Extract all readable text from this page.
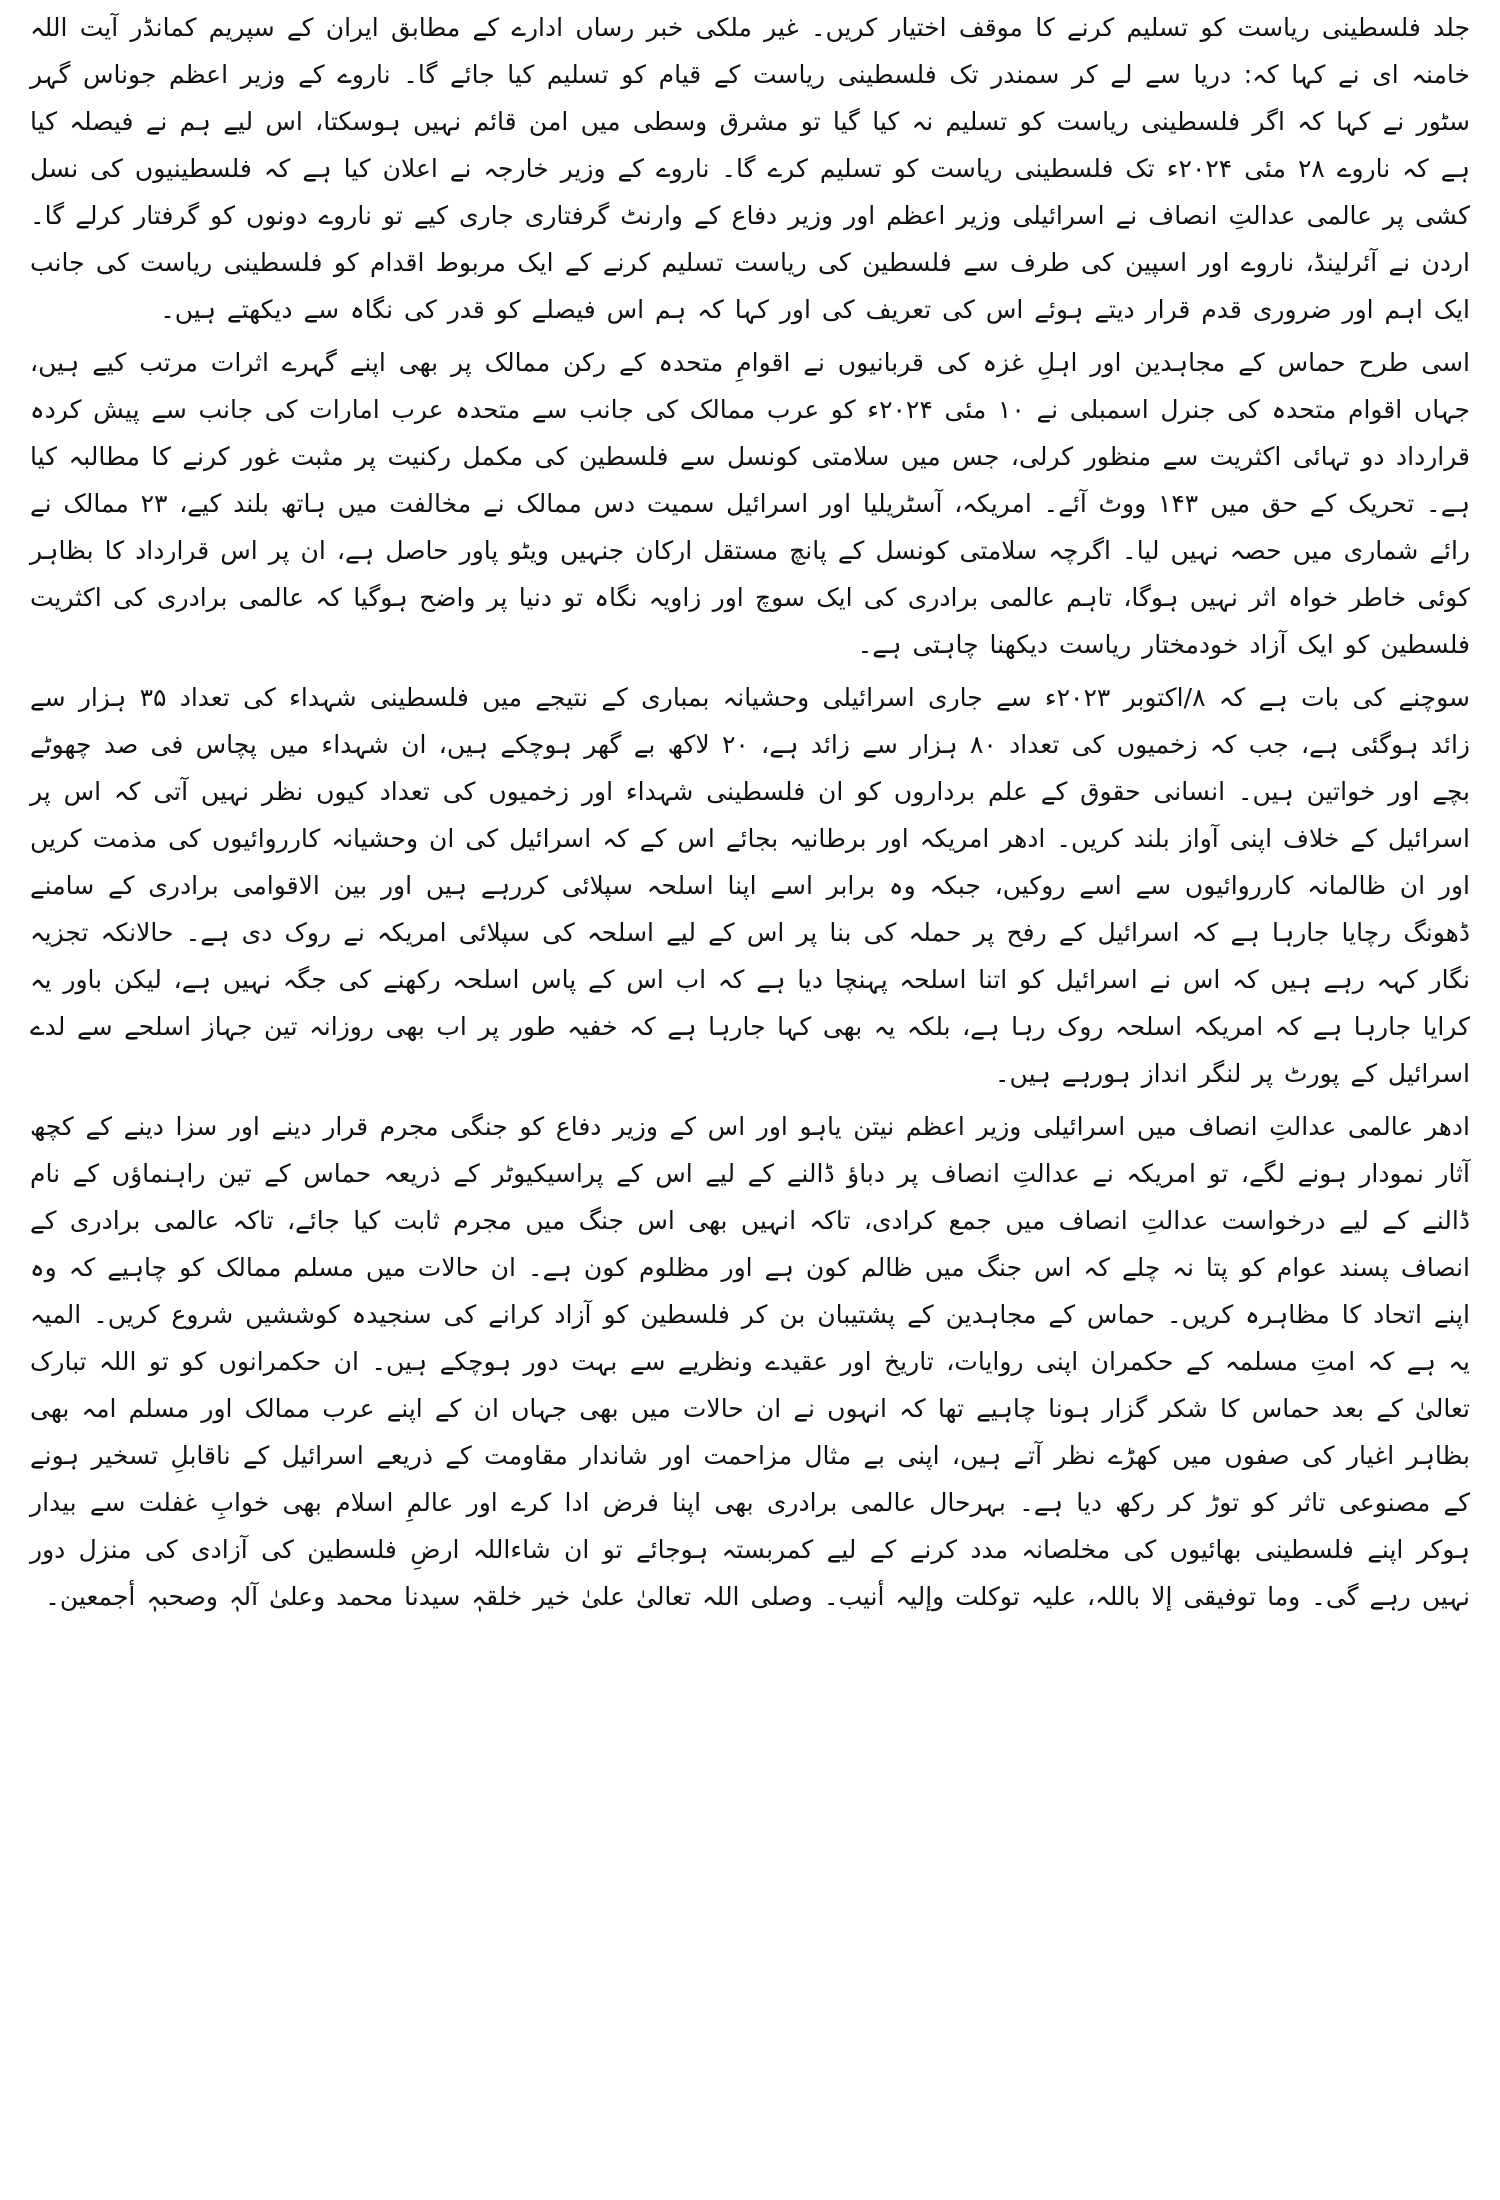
جلد فلسطینی ریاست کو تسلیم کرنے کا موقف اختیار کریں۔ غیر ملکی خبر رساں ادارے کے مطابق ایران کے سپریم کمانڈر آیت اللہ خامنہ ای نے کہا کہ: دریا سے لے کر سمندر تک فلسطینی ریاست کے قیام کو تسلیم کیا جائے گا۔ ناروے کے وزیر اعظم جوناس گہر سٹور نے کہا کہ اگر فلسطینی ریاست کو تسلیم نہ کیا گیا تو مشرق وسطی میں امن قائم نہیں ہوسکتا، اس لیے ہم نے فیصلہ کیا ہے کہ ناروے ۲۸ مئی ۲۰۲۴ء تک فلسطینی ریاست کو تسلیم کرے گا۔ ناروے کے وزیر خارجہ نے اعلان کیا ہے کہ فلسطینیوں کی نسل کشی پر عالمی عدالتِ انصاف نے اسرائیلی وزیر اعظم اور وزیر دفاع کے وارنٹ گرفتاری جاری کیے تو ناروے دونوں کو گرفتار کرلے گا۔ اردن نے آئرلینڈ، ناروے اور اسپین کی طرف سے فلسطین کی ریاست تسلیم کرنے کے ایک مربوط اقدام کو فلسطینی ریاست کی جانب ایک اہم اور ضروری قدم قرار دیتے ہوئے اس کی تعریف کی اور کہا کہ ہم اس فیصلے کو قدر کی نگاہ سے دیکھتے ہیں۔

اسی طرح حماس کے مجاہدین اور اہلِ غزہ کی قربانیوں نے اقوامِ متحدہ کے رکن ممالک پر بھی اپنے گہرے اثرات مرتب کیے ہیں، جہاں اقوام متحدہ کی جنرل اسمبلی نے ۱۰ مئی ۲۰۲۴ء کو عرب ممالک کی جانب سے متحدہ عرب امارات کی جانب سے پیش کردہ قرارداد دو تہائی اکثریت سے منظور کرلی، جس میں سلامتی کونسل سے فلسطین کی مکمل رکنیت پر مثبت غور کرنے کا مطالبہ کیا ہے۔ تحریک کے حق میں ۱۴۳ ووٹ آئے۔ امریکہ، آسٹریلیا اور اسرائیل سمیت دس ممالک نے مخالفت میں ہاتھ بلند کیے، ۲۳ ممالک نے رائے شماری میں حصہ نہیں لیا۔ اگرچہ سلامتی کونسل کے پانچ مستقل ارکان جنہیں ویٹو پاور حاصل ہے، ان پر اس قرارداد کا بظاہر کوئی خاطر خواہ اثر نہیں ہوگا، تاہم عالمی برادری کی ایک سوچ اور زاویہ نگاہ تو دنیا پر واضح ہوگیا کہ عالمی برادری کی اکثریت فلسطین کو ایک آزاد خودمختار ریاست دیکھنا چاہتی ہے۔

سوچنے کی بات ہے کہ ۸/اکتوبر ۲۰۲۳ء سے جاری اسرائیلی وحشیانہ بمباری کے نتیجے میں فلسطینی شہداء کی تعداد ۳۵ ہزار سے زائد ہوگئی ہے، جب کہ زخمیوں کی تعداد ۸۰ ہزار سے زائد ہے، ۲۰ لاکھ بے گھر ہوچکے ہیں، ان شہداء میں پچاس فی صد چھوٹے بچے اور خواتین ہیں۔ انسانی حقوق کے علم برداروں کو ان فلسطینی شہداء اور زخمیوں کی تعداد کیوں نظر نہیں آتی کہ اس پر اسرائیل کے خلاف اپنی آواز بلند کریں۔ ادھر امریکہ اور برطانیہ بجائے اس کے کہ اسرائیل کی ان وحشیانہ کارروائیوں کی مذمت کریں اور ان ظالمانہ کارروائیوں سے اسے روکیں، جبکہ وہ برابر اسے اپنا اسلحہ سپلائی کررہے ہیں اور بین الاقوامی برادری کے سامنے ڈھونگ رچایا جارہا ہے کہ اسرائیل کے رفح پر حملہ کی بنا پر اس کے لیے اسلحہ کی سپلائی امریکہ نے روک دی ہے۔ حالانکہ تجزیہ نگار کہہ رہے ہیں کہ اس نے اسرائیل کو اتنا اسلحہ پہنچا دیا ہے کہ اب اس کے پاس اسلحہ رکھنے کی جگہ نہیں ہے، لیکن باور یہ کرایا جارہا ہے کہ امریکہ اسلحہ روک رہا ہے، بلکہ یہ بھی کہا جارہا ہے کہ خفیہ طور پر اب بھی روزانہ تین جہاز اسلحے سے لدے اسرائیل کے پورٹ پر لنگر انداز ہورہے ہیں۔

ادھر عالمی عدالتِ انصاف میں اسرائیلی وزیر اعظم نیتن یاہو اور اس کے وزیر دفاع کو جنگی مجرم قرار دینے اور سزا دینے کے کچھ آثار نمودار ہونے لگے، تو امریکہ نے عدالتِ انصاف پر دباؤ ڈالنے کے لیے اس کے پراسیکیوٹر کے ذریعہ حماس کے تین راہنماؤں کے نام ڈالنے کے لیے درخواست عدالتِ انصاف میں جمع کرادی، تاکہ انہیں بھی اس جنگ میں مجرم ثابت کیا جائے، تاکہ عالمی برادری کے انصاف پسند عوام کو پتا نہ چلے کہ اس جنگ میں ظالم کون ہے اور مظلوم کون ہے۔ ان حالات میں مسلم ممالک کو چاہیے کہ وہ اپنے اتحاد کا مظاہرہ کریں۔ حماس کے مجاہدین کے پشتیبان بن کر فلسطین کو آزاد کرانے کی سنجیدہ کوششیں شروع کریں۔ المیہ یہ ہے کہ امتِ مسلمہ کے حکمران اپنی روایات، تاریخ اور عقیدے ونظریے سے بہت دور ہوچکے ہیں۔ ان حکمرانوں کو تو اللہ تبارک تعالیٰ کے بعد حماس کا شکر گزار ہونا چاہیے تھا کہ انہوں نے ان حالات میں بھی جہاں ان کے اپنے عرب ممالک اور مسلم امہ بھی بظاہر اغیار کی صفوں میں کھڑے نظر آتے ہیں، اپنی بے مثال مزاحمت اور شاندار مقاومت کے ذریعے اسرائیل کے ناقابلِ تسخیر ہونے کے مصنوعی تاثر کو توڑ کر رکھ دیا ہے۔ بہرحال عالمی برادری بھی اپنا فرض ادا کرے اور عالمِ اسلام بھی خوابِ غفلت سے بیدار ہوکر اپنے فلسطینی بھائیوں کی مخلصانہ مدد کرنے کے لیے کمربستہ ہوجائے تو ان شاءاللہ ارضِ فلسطین کی آزادی کی منزل دور نہیں رہے گی۔ وما توفیقی إلا باللہ، علیہ توکلت وإلیہ أنیب۔ وصلی اللہ تعالیٰ علیٰ خیر خلقہٖ سیدنا محمد وعلیٰ آلہٖ وصحبہٖ أجمعین۔
